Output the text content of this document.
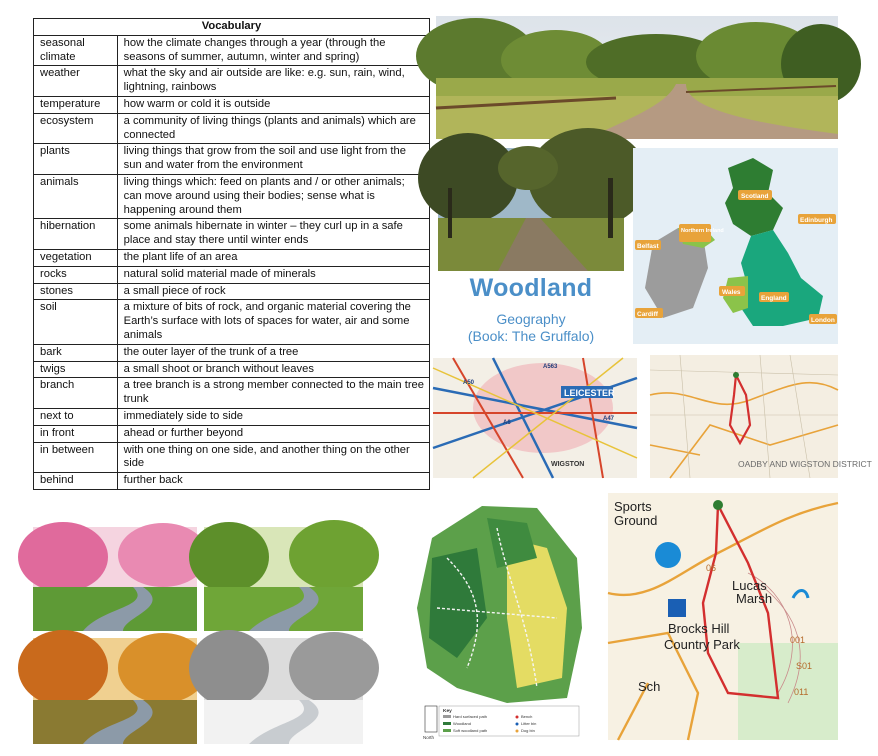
Vocabulary	
seasonal climate	how the climate changes through a year (through the seasons of summer, autumn, winter and spring)
weather	what the sky and air outside are like: e.g. sun, rain, wind, lightning, rainbows
temperature	how warm or cold it is outside
ecosystem	a community of living things (plants and animals) which are connected
plants	living things that grow from the soil and use light from the sun and water from the environment
animals	living things which: feed on plants and / or other animals; can move around using their bodies; sense what is happening around them
hibernation	some animals hibernate in winter – they curl up in a safe place and stay there until winter ends
vegetation	the plant life of an area
rocks	natural solid material made of minerals
stones	a small piece of rock
soil	a mixture of bits of rock, and organic material covering the Earth’s surface with lots of spaces for water, air and some animals
bark	the outer layer of the trunk of a tree
twigs	a small shoot or branch without leaves
branch	a tree branch is a strong member connected to the main tree trunk
next to	immediately side to side
in front	ahead or further beyond
in between	with one thing on one side, and another thing on the other side
behind	further back
Woodland
Geography
(Book: The Gruffalo)
Scotland
Edinburgh
Northern Ireland
Belfast
Wales
England
Cardiff
London
LEICESTER
A563
A6
A47
A50
WIGSTON	OADBY AND WIGSTON DISTRICT
North
Key
Hard surfaced path
Woodland
Soft woodland path
Bench
Litter bin
Dog bin
Sports
Ground
Lucas
Marsh
Brocks Hill
Country Park
Sch
06
001
S01
011
